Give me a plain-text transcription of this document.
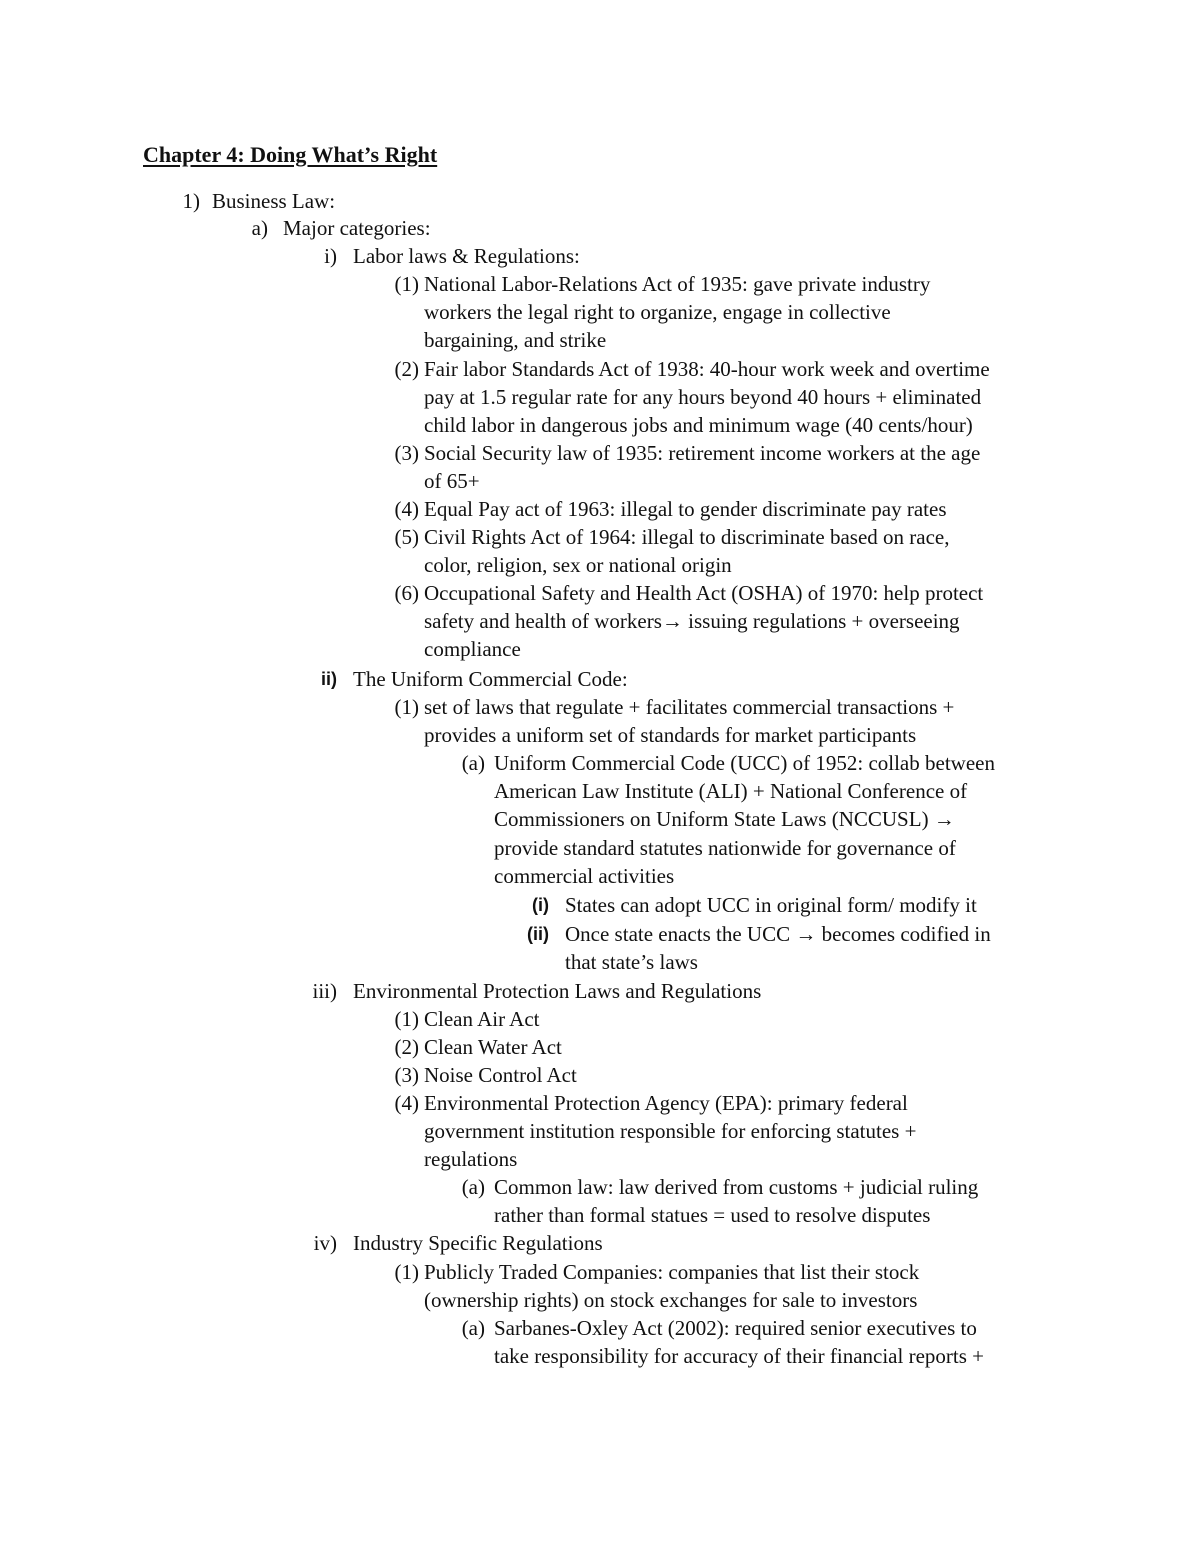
Chapter 4: Doing What’s Right
1) Business Law:
a) Major categories:
i) Labor laws & Regulations:
(1) National Labor-Relations Act of 1935: gave private industry
workers the legal right to organize, engage in collective
bargaining, and strike
(2) Fair labor Standards Act of 1938: 40-hour work week and overtime
pay at 1.5 regular rate for any hours beyond 40 hours + eliminated
child labor in dangerous jobs and minimum wage (40 cents/hour)
(3) Social Security law of 1935: retirement income workers at the age
of 65+
(4) Equal Pay act of 1963: illegal to gender discriminate pay rates
(5) Civil Rights Act of 1964: illegal to discriminate based on race,
color, religion, sex or national origin
(6) Occupational Safety and Health Act (OSHA) of 1970: help protect
safety and health of workers→ issuing regulations + overseeing
compliance
ii) The Uniform Commercial Code:
(1) set of laws that regulate + facilitates commercial transactions +
provides a uniform set of standards for market participants
(a) Uniform Commercial Code (UCC) of 1952: collab between
American Law Institute (ALI) + National Conference of
Commissioners on Uniform State Laws (NCCUSL) →
provide standard statutes nationwide for governance of
commercial activities
(i) States can adopt UCC in original form/ modify it
(ii) Once state enacts the UCC → becomes codified in
that state’s laws
iii) Environmental Protection Laws and Regulations
(1) Clean Air Act
(2) Clean Water Act
(3) Noise Control Act
(4) Environmental Protection Agency (EPA): primary federal
government institution responsible for enforcing statutes +
regulations
(a) Common law: law derived from customs + judicial ruling
rather than formal statues = used to resolve disputes
iv) Industry Specific Regulations
(1) Publicly Traded Companies: companies that list their stock
(ownership rights) on stock exchanges for sale to investors
(a) Sarbanes-Oxley Act (2002): required senior executives to
take responsibility for accuracy of their financial reports +
